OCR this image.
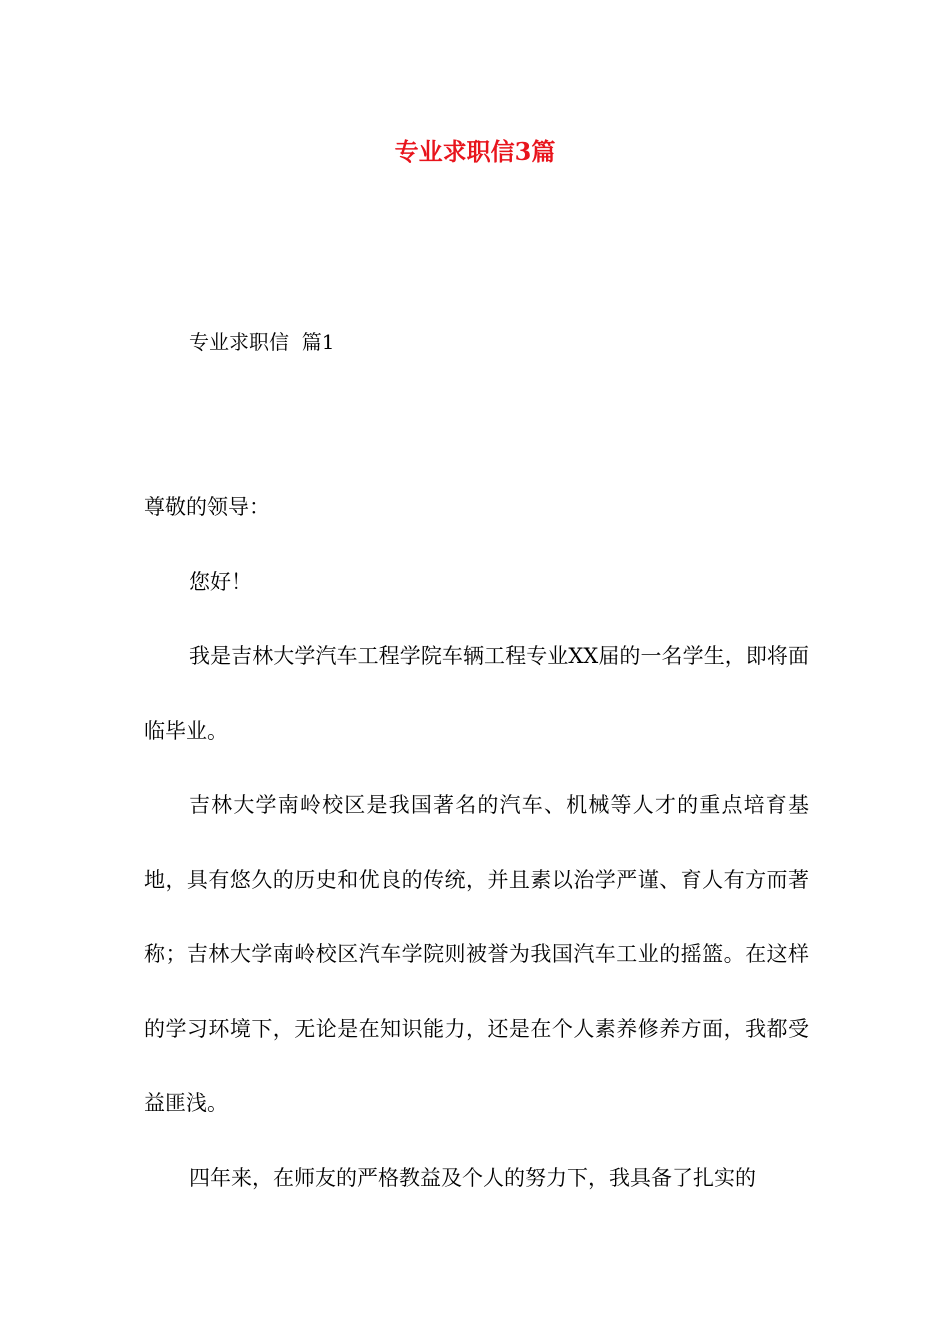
专业求职信3篇
专业求职信  篇1

尊敬的领导：

您好！

我是吉林大学汽车工程学院车辆工程专业XX届的一名学生，即将面临毕业。

吉林大学南岭校区是我国著名的汽车、机械等人才的重点培育基地，具有悠久的历史和优良的传统，并且素以治学严谨、育人有方而著称；吉林大学南岭校区汽车学院则被誉为我国汽车工业的摇篮。在这样的学习环境下，无论是在知识能力，还是在个人素养修养方面，我都受益匪浅。

四年来，在师友的严格教益及个人的努力下，我具备了扎实的
